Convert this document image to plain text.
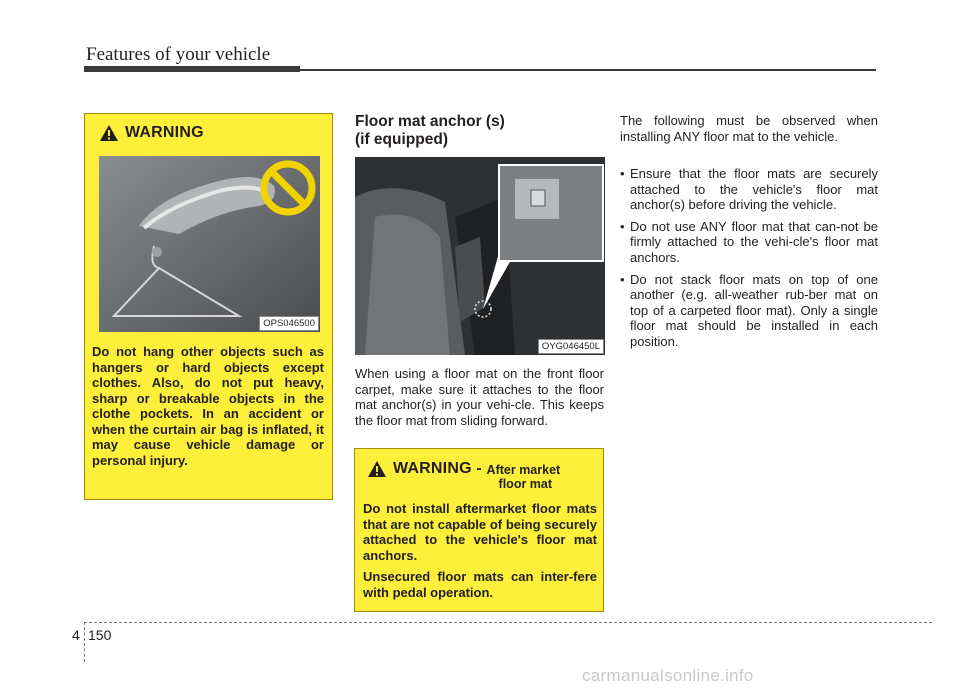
Features of your vehicle
WARNING
OPS046500
Do not hang other objects such as hangers or hard objects except clothes. Also, do not put heavy, sharp or breakable objects in the clothe pockets. In an accident or when the curtain air bag is inflated, it may cause vehicle damage or personal injury.
Floor mat anchor (s)
(if equipped)
OYG046450L
When using a floor mat on the front floor carpet, make sure it attaches to the floor mat anchor(s) in your vehi-cle. This keeps the floor mat from sliding forward.
WARNING - After market
floor mat
Do not install aftermarket floor mats that are not capable of being securely attached to the vehicle's floor mat anchors.
Unsecured floor mats can inter-fere with pedal operation.
The following must be observed when installing ANY floor mat to the vehicle.
• Ensure that the floor mats are securely attached to the vehicle's floor mat anchor(s) before driving the vehicle.
• Do not use ANY floor mat that can-not be firmly attached to the vehi-cle's floor mat anchors.
• Do not stack floor mats on top of one another (e.g. all-weather rub-ber mat on top of a carpeted floor mat). Only a single floor mat should be installed in each position.
4 150
carmanualsonline.info
